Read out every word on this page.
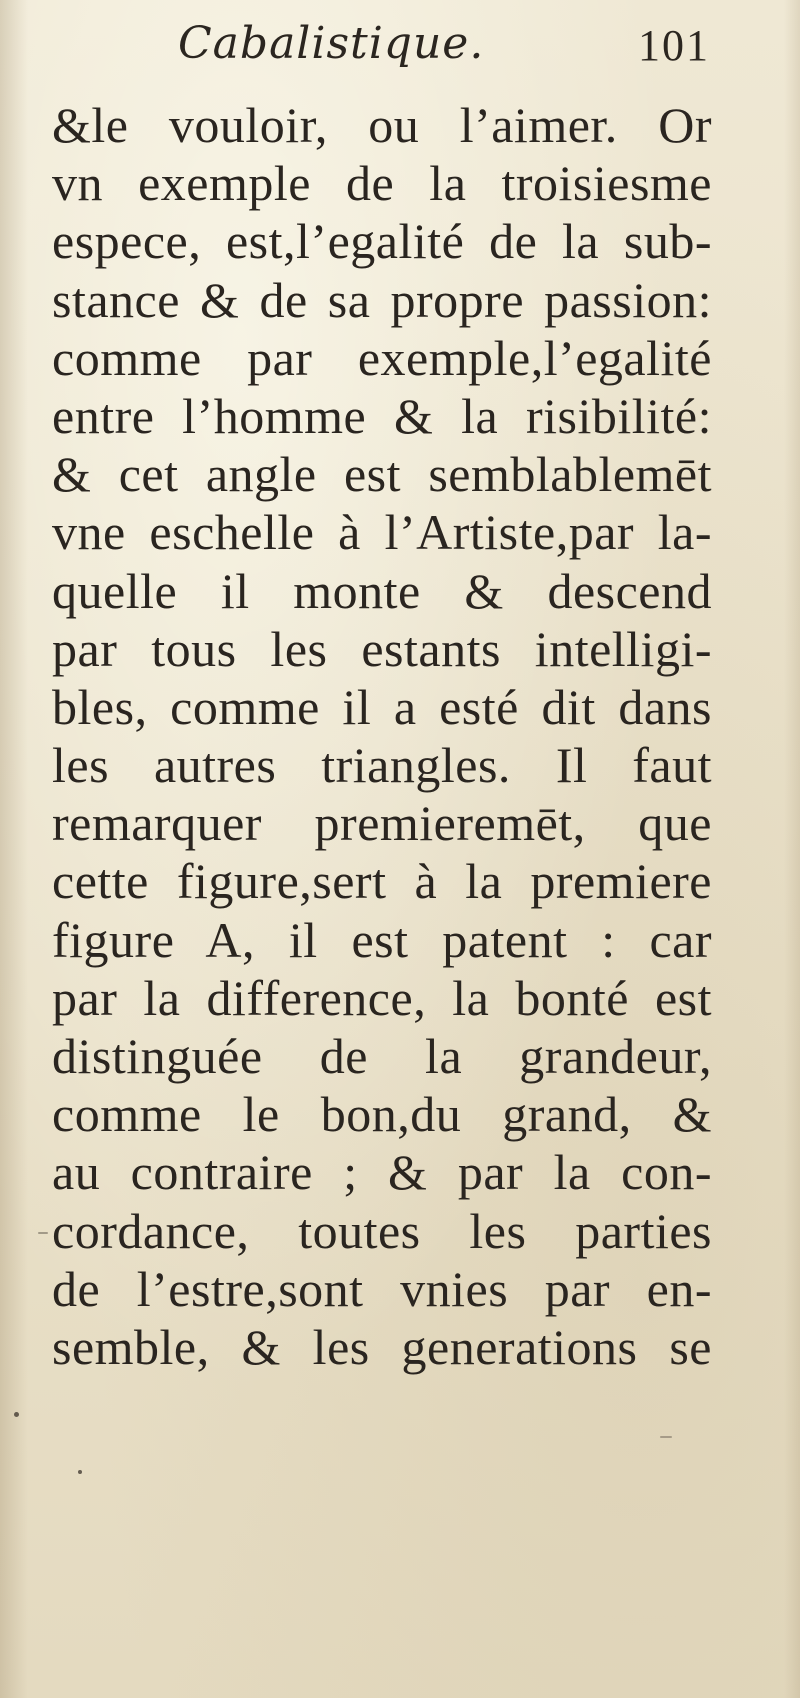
Cabalistique.	101
&le vouloir, ou l’aimer. Or
vn exemple de la troisiesme
espece, est,l’egalité de la sub-
stance & de sa propre passion:
comme par exemple,l’egalité
entre l’homme & la risibilité:
& cet angle est semblablemēt
vne eschelle à l’Artiste,par la-
quelle il monte & descend
par tous les estants intelligi-
bles, comme il a esté dit dans
les autres triangles. Il faut
remarquer premieremēt, que
cette figure,sert à la premiere
figure A, il est patent : car
par la difference, la bonté est
distinguée de la grandeur,
comme le bon,du grand, &
au contraire ; & par la con-
cordance, toutes les parties
de l’estre,sont vnies par en-
semble, & les generations se
